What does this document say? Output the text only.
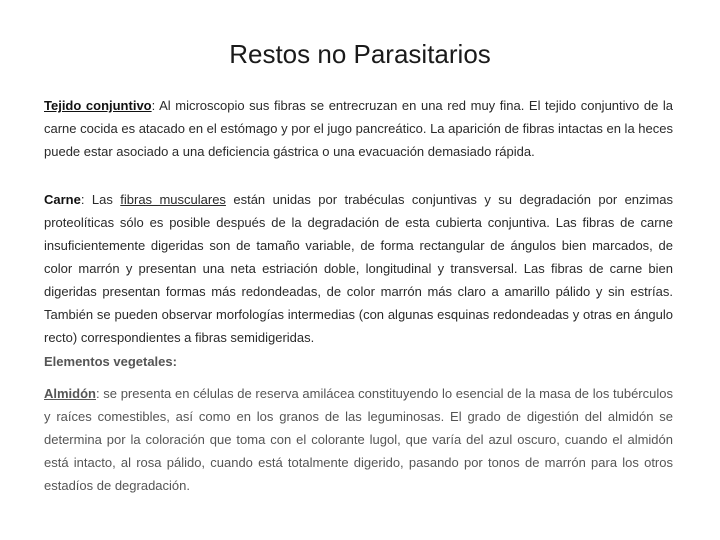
Restos no Parasitarios
Tejido conjuntivo: Al microscopio sus fibras se entrecruzan en una red muy fina. El tejido conjuntivo de la carne cocida es atacado en el estómago y por el jugo pancreático. La aparición de fibras intactas en la heces puede estar asociado a una deficiencia gástrica o una evacuación demasiado rápida.
Carne: Las fibras musculares están unidas por trabéculas conjuntivas y su degradación por enzimas proteolíticas sólo es posible después de la degradación de esta cubierta conjuntiva. Las fibras de carne insuficientemente digeridas son de tamaño variable, de forma rectangular de ángulos bien marcados, de color marrón y presentan una neta estriación doble, longitudinal y transversal. Las fibras de carne bien digeridas presentan formas más redondeadas, de color marrón más claro a amarillo pálido y sin estrías. También se pueden observar morfologías intermedias (con algunas esquinas redondeadas y otras en ángulo recto) correspondientes a fibras semidigeridas.
Elementos vegetales:
Almidón: se presenta en células de reserva amilácea constituyendo lo esencial de la masa de los tubérculos y raíces comestibles, así como en los granos de las leguminosas. El grado de digestión del almidón se determina por la coloración que toma con el colorante lugol, que varía del azul oscuro, cuando el almidón está intacto, al rosa pálido, cuando está totalmente digerido, pasando por tonos de marrón para los otros estadíos de degradación.
